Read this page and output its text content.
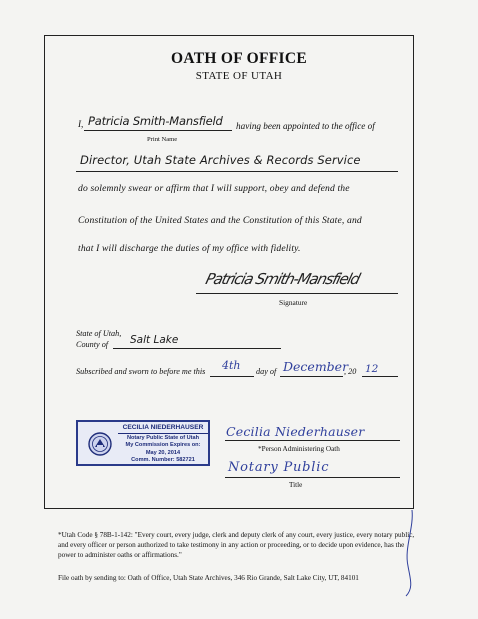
OATH OF OFFICE
STATE OF UTAH
I, Patricia Smith-Mansfield having been appointed to the office of
Print Name
Director, Utah State Archives & Records Service
do solemnly swear or affirm that I will support, obey and defend the
Constitution of the United States and the Constitution of this State, and
that I will discharge the duties of my office with fidelity.
Patricia Smith-Mansfield
Signature
State of Utah,
County of Salt Lake
Subscribed and sworn to before me this 4th day of December
, 20 12
CECILIA NIEDERHAUSER
Notary Public State of Utah
My Commission Expires on:
May 20, 2014
Comm. Number: 582721
Cecilia Niederhauser
*Person Administering Oath
Notary Public
Title
*Utah Code § 78B-1-142: "Every court, every judge, clerk and deputy clerk of any court, every justice, every notary public, and every officer or person authorized to take testimony in any action or proceeding, or to decide upon evidence, has the power to administer oaths or affirmations."
File oath by sending to: Oath of Office, Utah State Archives, 346 Rio Grande, Salt Lake City, UT, 84101
